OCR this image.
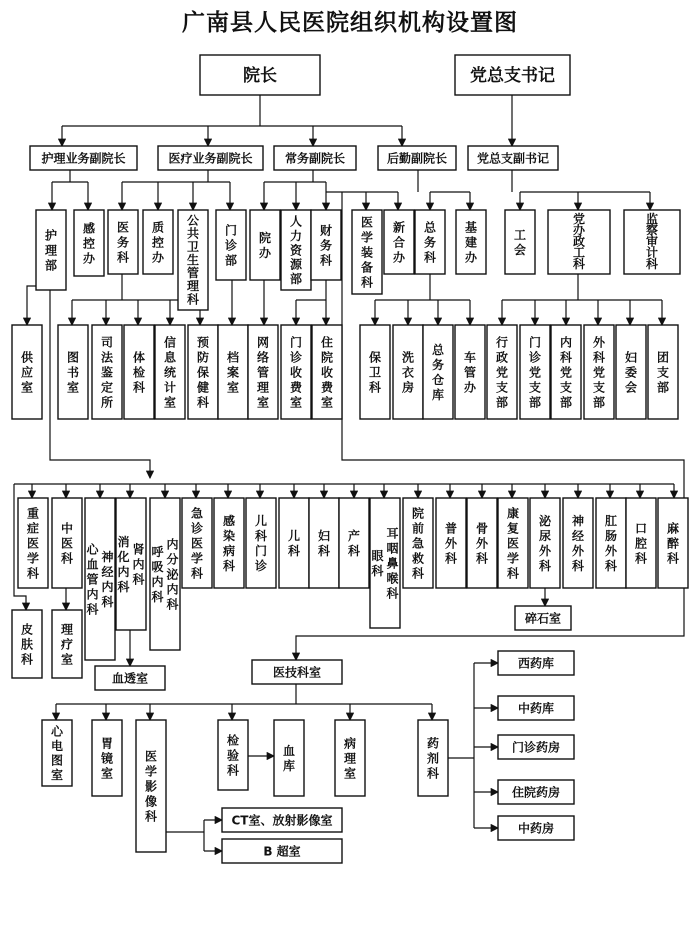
广南县人民医院组织机构设置图
院长	党总支书记
护理业务副院长	医疗业务副院长	常务副院长	后勤副院长 党总支副书记
护
理
部
感
控
办
医
务
科
质
控
办
公
共
卫
生
管
理
科
门
诊
部
院
办
人
力
资
源
部
财
务
科
医
学
装
备
科
新
合
办
总
务
科
基
建
办
工
会
党
办
政
工
科
监
察
审
计
科
供
应
室
图
书
室
司
法
鉴
定
所
体
检
科
信
息
统
计
室
预
防
保
健
科
档
案
室
网
络
管
理
室
门
诊
收
费
室
住
院
收
费
室
保
卫
科
洗
衣
房
总
务
仓
库
车
管
办
行
政
党
支
部
门
诊
党
支
部
内
科
党
支
部
外
科
党
支
部
妇
委
会
团
支
部
重
症
医
学
科
中
医
科
心
血
管
内
科
神
经
内
科
消
化
内
科
肾
内
科
呼
吸
内
科
内
分
泌
内
科
急
诊
医
学
科
感
染
病
科
儿
科
门
诊
儿
科
妇
科
产
科 眼
科
耳
咽
鼻
喉
科
院
前
急
救
科
普
外
科
骨
外
科
康
复
医
学
科
泌
尿
外
科
神
经
外
科
肛
肠
外
科
口
腔
科
麻
醉
科
皮
肤
科
理
疗
室
血透室
碎石室
医技科室
心
电
图
室
胃
镜
室
医
学
影
像
科
检
验
科
血
库
病
理
室
药
剂
科
西药库
中药库
门诊药房
住院药房
中药房
CT室、放射影像室
B 超室
